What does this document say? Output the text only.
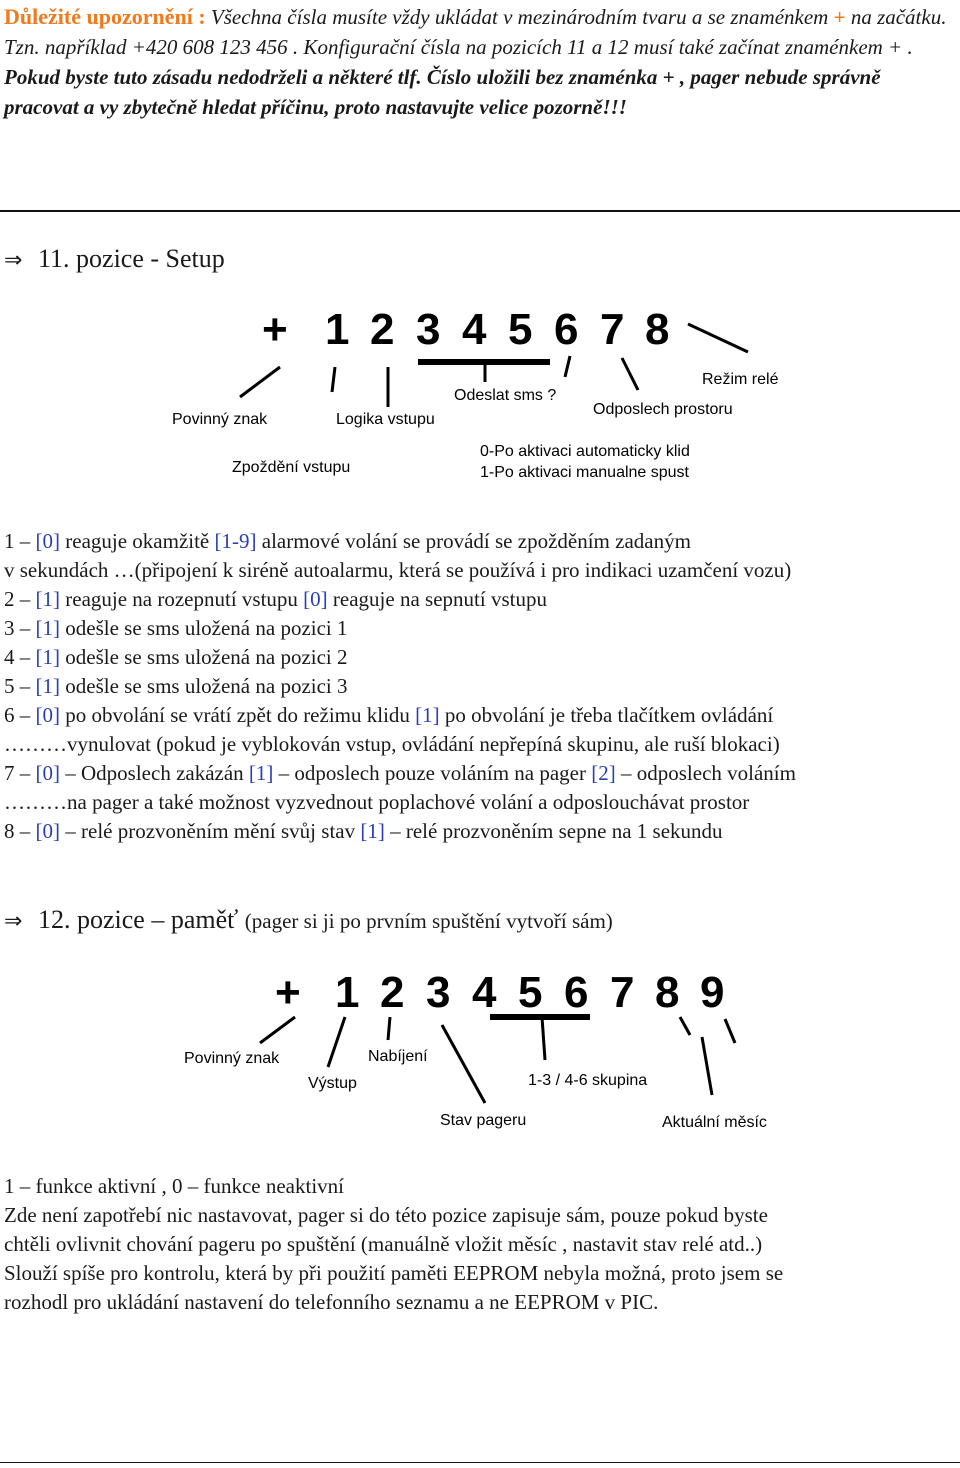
Důležité upozornění : Všechna čísla musíte vždy ukládat v mezinárodním tvaru a se znaménkem + na začátku. Tzn. například +420 608 123 456 . Konfigurační čísla na pozicích 11 a 12 musí také začínat znaménkem + . Pokud byste tuto zásadu nedodrželi a některé tlf. Číslo uložili bez znaménka + , pager nebude správně pracovat a vy zbytečně hledat příčinu, proto nastavujte velice pozorně!!!
⇒ 11. pozice - Setup
+ 1 2 3 4 5 6 7 8
Povinný znak	Logika vstupu
Zpoždění vstupu
Odeslat sms ?
Odposlech prostoru
Režim relé
0-Po aktivaci automaticky klid
1-Po aktivaci manualne spust
1 – [0] reaguje okamžitě [1-9] alarmové volání se provádí se zpožděním zadaným
v sekundách …(připojení k siréně autoalarmu, která se používá i pro indikaci uzamčení vozu)
2 – [1] reaguje na rozepnutí vstupu [0] reaguje na sepnutí vstupu
3 – [1] odešle se sms uložená na pozici 1
4 – [1] odešle se sms uložená na pozici 2
5 – [1] odešle se sms uložená na pozici 3
6 – [0] po obvolání se vrátí zpět do režimu klidu [1] po obvolání je třeba tlačítkem ovládání
………vynulovat (pokud je vyblokován vstup, ovládání nepřepíná skupinu, ale ruší blokaci)
7 – [0] – Odposlech zakázán [1] – odposlech pouze voláním na pager [2] – odposlech voláním
………na pager a také možnost vyzvednout poplachové volání a odposlouchávat prostor
8 – [0] – relé prozvoněním mění svůj stav [1] – relé prozvoněním sepne na 1 sekundu
⇒ 12. pozice – paměť (pager si ji po prvním spuštění vytvoří sám)
+ 1 2 3 4 5 6 7 8 9
Povinný znak
Výstup
Nabíjení
Stav pageru
1-3 / 4-6 skupina
Aktuální měsíc
1 – funkce aktivní , 0 – funkce neaktivní
Zde není zapotřebí nic nastavovat, pager si do této pozice zapisuje sám, pouze pokud byste
chtěli ovlivnit chování pageru po spuštění (manuálně vložit měsíc , nastavit stav relé atd..)
Slouží spíše pro kontrolu, která by při použití paměti EEPROM nebyla možná, proto jsem se
rozhodl pro ukládání nastavení do telefonního seznamu a ne EEPROM v PIC.
